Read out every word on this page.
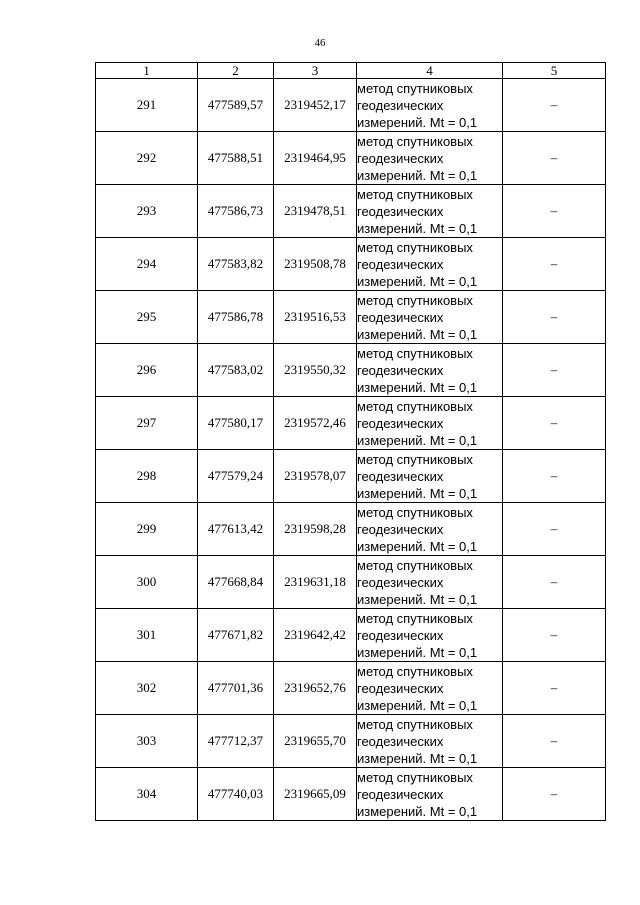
46
1	2	3	4	5
291	477589,57	2319452,17	метод спутниковых
геодезических
измерений. Mt = 0,1	–
292	477588,51	2319464,95	метод спутниковых
геодезических
измерений. Mt = 0,1	–
293	477586,73	2319478,51	метод спутниковых
геодезических
измерений. Mt = 0,1	–
294	477583,82	2319508,78	метод спутниковых
геодезических
измерений. Mt = 0,1	–
295	477586,78	2319516,53	метод спутниковых
геодезических
измерений. Mt = 0,1	–
296	477583,02	2319550,32	метод спутниковых
геодезических
измерений. Mt = 0,1	–
297	477580,17	2319572,46	метод спутниковых
геодезических
измерений. Mt = 0,1	–
298	477579,24	2319578,07	метод спутниковых
геодезических
измерений. Mt = 0,1	–
299	477613,42	2319598,28	метод спутниковых
геодезических
измерений. Mt = 0,1	–
300	477668,84	2319631,18	метод спутниковых
геодезических
измерений. Mt = 0,1	–
301	477671,82	2319642,42	метод спутниковых
геодезических
измерений. Mt = 0,1	–
302	477701,36	2319652,76	метод спутниковых
геодезических
измерений. Mt = 0,1	–
303	477712,37	2319655,70	метод спутниковых
геодезических
измерений. Mt = 0,1	–
304	477740,03	2319665,09	метод спутниковых
геодезических
измерений. Mt = 0,1	–
